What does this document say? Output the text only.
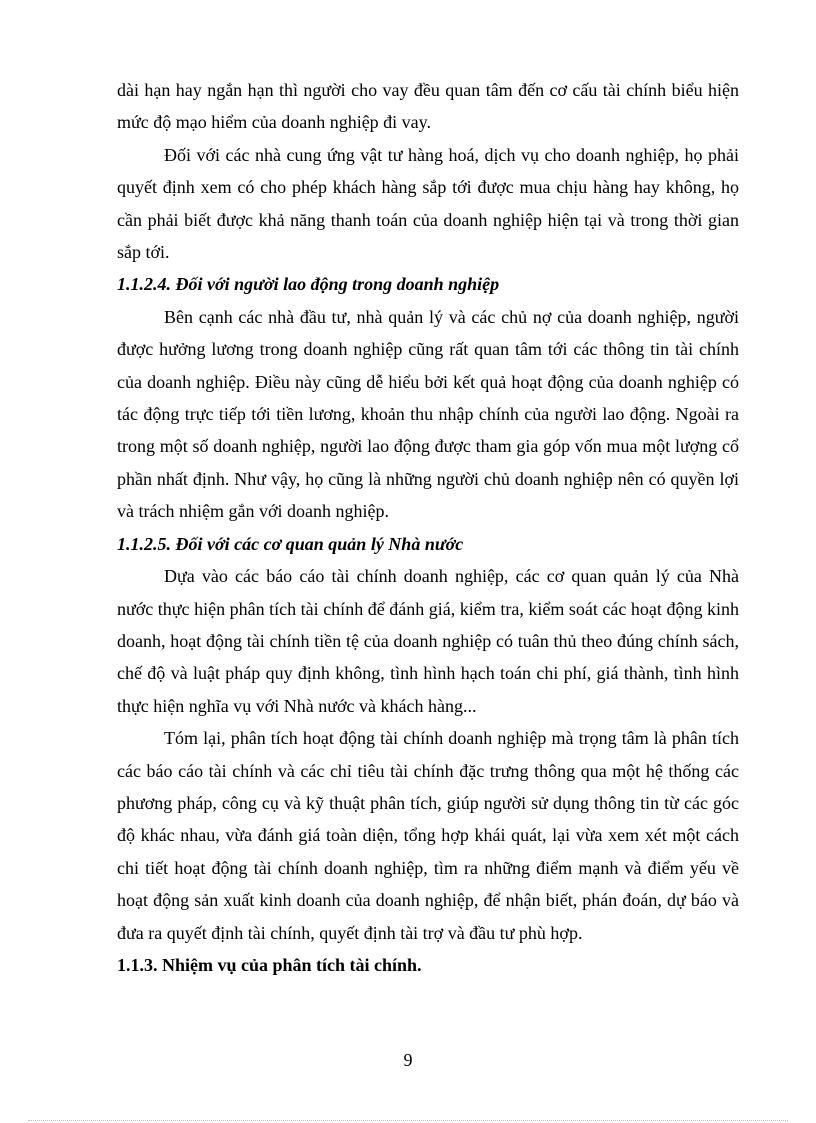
dài hạn hay ngắn hạn thì người cho vay đều quan tâm đến cơ cấu tài chính biểu hiện mức độ mạo hiểm của doanh nghiệp đi vay.

Đối với các nhà cung ứng vật tư hàng hoá, dịch vụ cho doanh nghiệp, họ phải quyết định xem có cho phép khách hàng sắp tới được mua chịu hàng hay không, họ cần phải biết được khả năng thanh toán của doanh nghiệp hiện tại và trong thời gian sắp tới.

1.1.2.4. Đối với người lao động trong doanh nghiệp

Bên cạnh các nhà đầu tư, nhà quản lý và các chủ nợ của doanh nghiệp, người được hưởng lương trong doanh nghiệp cũng rất quan tâm tới các thông tin tài chính của doanh nghiệp. Điều này cũng dễ hiểu bởi kết quả hoạt động của doanh nghiệp có tác động trực tiếp tới tiền lương, khoản thu nhập chính của người lao động. Ngoài ra trong một số doanh nghiệp, người lao động được tham gia góp vốn mua một lượng cổ phần nhất định. Như vậy, họ cũng là những người chủ doanh nghiệp nên có quyền lợi và trách nhiệm gắn với doanh nghiệp.

1.1.2.5. Đối với các cơ quan quản lý Nhà nước

Dựa vào các báo cáo tài chính doanh nghiệp, các cơ quan quản lý của Nhà nước thực hiện phân tích tài chính để đánh giá, kiểm tra, kiểm soát các hoạt động kinh doanh, hoạt động tài chính tiền tệ của doanh nghiệp có tuân thủ theo đúng chính sách, chế độ và luật pháp quy định không, tình hình hạch toán chi phí, giá thành, tình hình thực hiện nghĩa vụ với Nhà nước và khách hàng...

Tóm lại, phân tích hoạt động tài chính doanh nghiệp mà trọng tâm là phân tích các báo cáo tài chính và các chỉ tiêu tài chính đặc trưng thông qua một hệ thống các phương pháp, công cụ và kỹ thuật phân tích, giúp người sử dụng thông tin từ các góc độ khác nhau, vừa đánh giá toàn diện, tổng hợp khái quát, lại vừa xem xét một cách chi tiết hoạt động tài chính doanh nghiệp, tìm ra những điểm mạnh và điểm yếu về hoạt động sản xuất kinh doanh của doanh nghiệp, để nhận biết, phán đoán, dự báo và đưa ra quyết định tài chính, quyết định tài trợ và đầu tư phù hợp.

1.1.3. Nhiệm vụ của phân tích tài chính.

9
